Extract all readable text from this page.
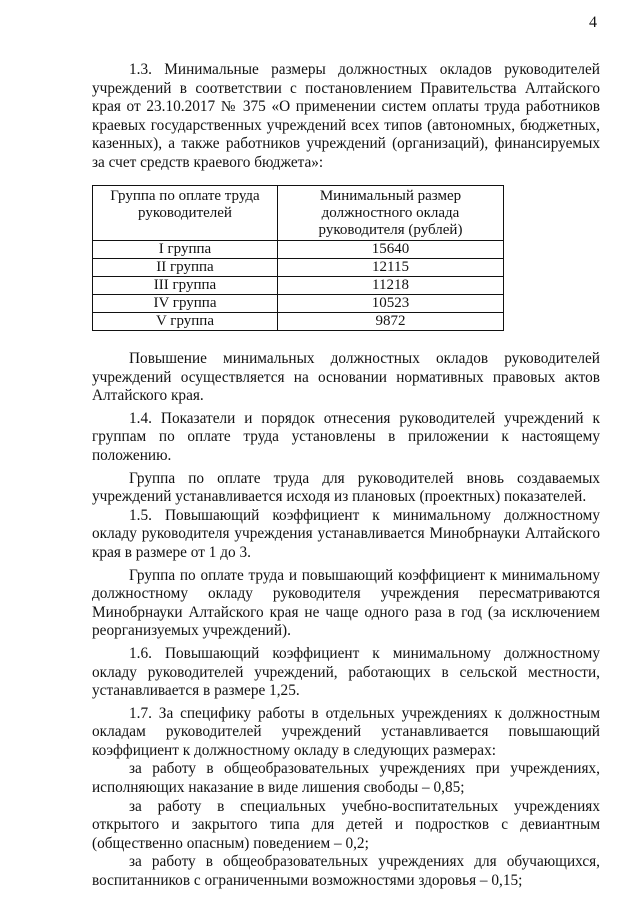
4

1.3. Минимальные размеры должностных окладов руководителей учреждений в соответствии с постановлением Правительства Алтайского края от 23.10.2017 № 375 «О применении систем оплаты труда работников краевых государственных учреждений всех типов (автономных, бюджетных, казенных), а также работников учреждений (организаций), финансируемых за счет средств краевого бюджета»:

Группа по оплате труда руководителей	Минимальный размер должностного оклада руководителя (рублей)
I группа	15640
II группа	12115
III группа	11218
IV группа	10523
V группа	9872

Повышение минимальных должностных окладов руководителей учреждений осуществляется на основании нормативных правовых актов Алтайского края.

1.4. Показатели и порядок отнесения руководителей учреждений к группам по оплате труда установлены в приложении к настоящему положению.

Группа по оплате труда для руководителей вновь создаваемых учреждений устанавливается исходя из плановых (проектных) показателей.

1.5. Повышающий коэффициент к минимальному должностному окладу руководителя учреждения устанавливается Минобрнауки Алтайского края в размере от 1 до 3.

Группа по оплате труда и повышающий коэффициент к минимальному должностному окладу руководителя учреждения пересматриваются Минобрнауки Алтайского края не чаще одного раза в год (за исключением реорганизуемых учреждений).

1.6. Повышающий коэффициент к минимальному должностному окладу руководителей учреждений, работающих в сельской местности, устанавливается в размере 1,25.

1.7. За специфику работы в отдельных учреждениях к должностным окладам руководителей учреждений устанавливается повышающий коэффициент к должностному окладу в следующих размерах:

за работу в общеобразовательных учреждениях при учреждениях, исполняющих наказание в виде лишения свободы – 0,85;

за работу в специальных учебно-воспитательных учреждениях открытого и закрытого типа для детей и подростков с девиантным (общественно опасным) поведением – 0,2;

за работу в общеобразовательных учреждениях для обучающихся, воспитанников с ограниченными возможностями здоровья – 0,15;
